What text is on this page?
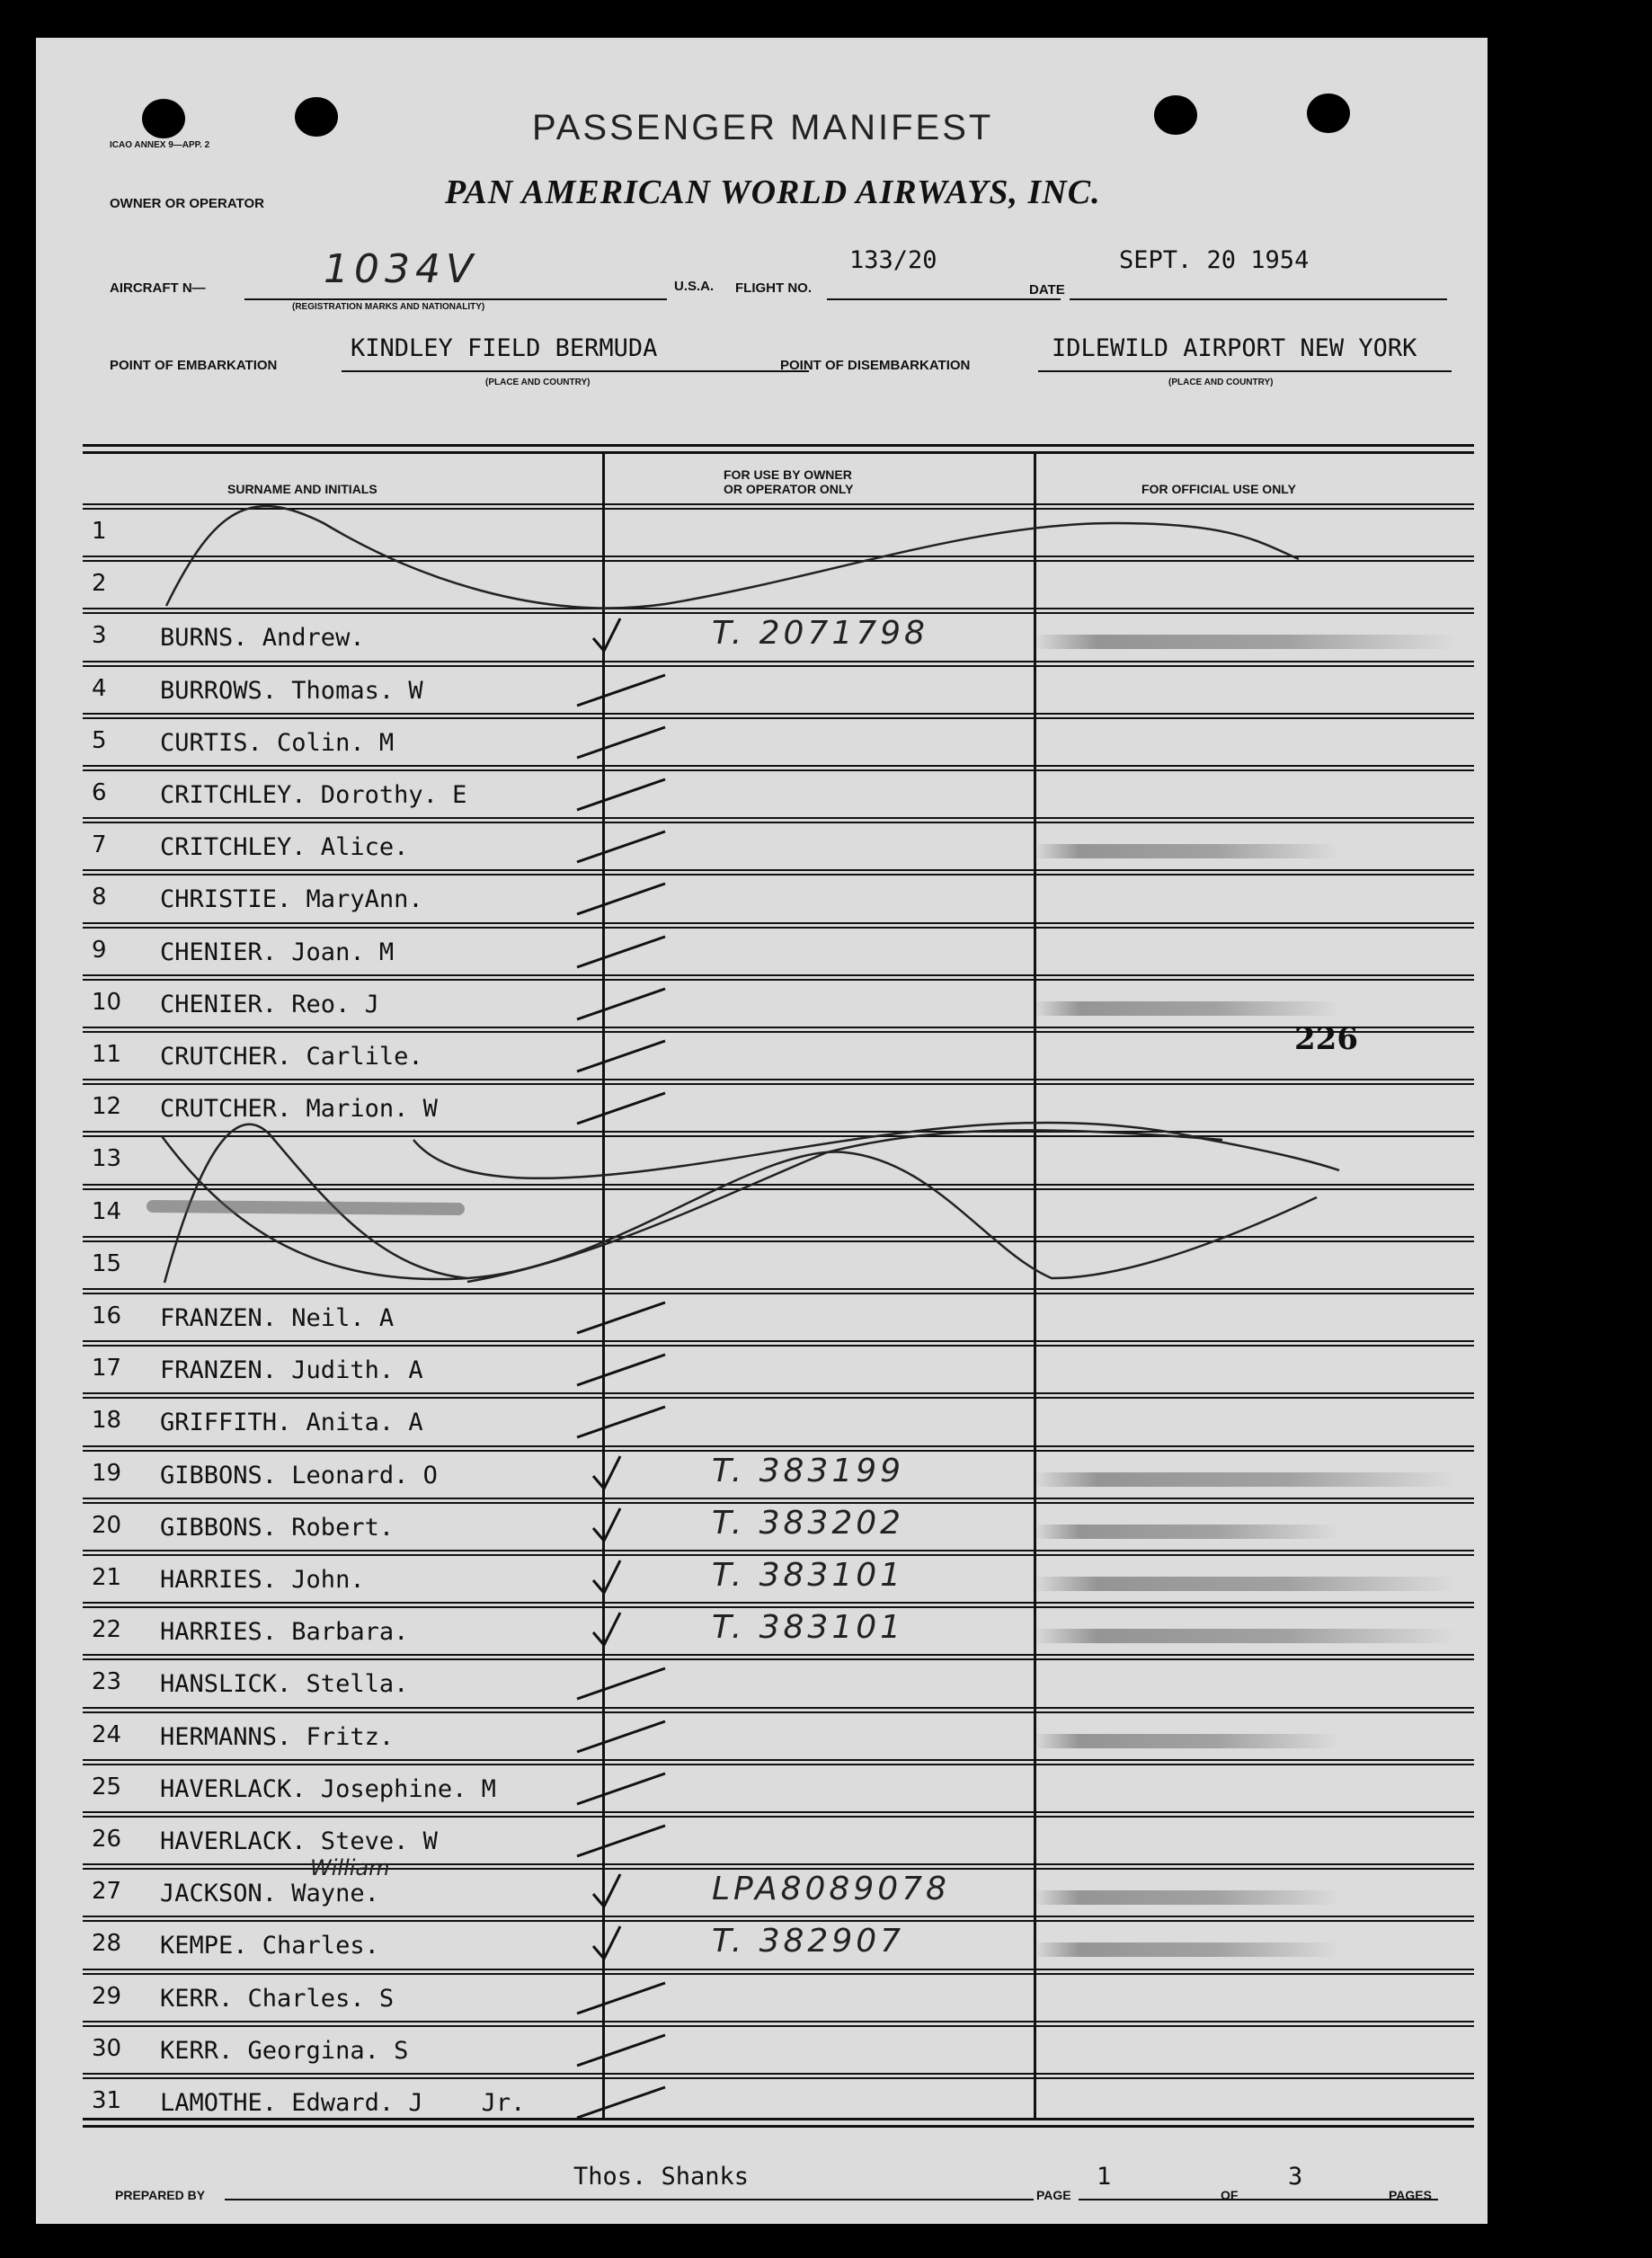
ICAO ANNEX 9—APP. 2	PASSENGER MANIFEST
OWNER OR OPERATOR	PAN AMERICAN WORLD AIRWAYS, INC.
AIRCRAFT N—	1034V
(REGISTRATION MARKS AND NATIONALITY)
U.S.A. FLIGHT NO.
133/20
DATE
SEPT. 20 1954
POINT OF EMBARKATION
KINDLEY FIELD BERMUDA
(PLACE AND COUNTRY)
POINT OF DISEMBARKATION
IDLEWILD AIRPORT NEW YORK
(PLACE AND COUNTRY)
SURNAME AND INITIALS
FOR USE BY OWNER
OR OPERATOR ONLY	FOR OFFICIAL USE ONLY
1
2
3	BURNS. Andrew.	T. 2071798
4	BURROWS. Thomas. W
5	CURTIS. Colin. M
6	CRITCHLEY. Dorothy. E
7	CRITCHLEY. Alice.
8	CHRISTIE. MaryAnn.
9	CHENIER. Joan. M
10	CHENIER. Reo. J
11	CRUTCHER. Carlile.
12	CRUTCHER. Marion. W
13
14
15
16	FRANZEN. Neil. A
17	FRANZEN. Judith. A
18	GRIFFITH. Anita. A
19	GIBBONS. Leonard. O	T. 383199
20	GIBBONS. Robert.	T. 383202
21	HARRIES. John.	T. 383101
22	HARRIES. Barbara.	T. 383101
23	HANSLICK. Stella.
24	HERMANNS. Fritz.
25	HAVERLACK. Josephine. M
26	HAVERLACK. Steve. W
27	JACKSON. Wayne.	LPA8089078
28	KEMPE. Charles.	T. 382907
29	KERR. Charles. S
30	KERR. Georgina. S
31	LAMOTHE. Edward. J    Jr.
William
226
PREPARED BY
Thos. Shanks
PAGE
1
OF
3
PAGES
